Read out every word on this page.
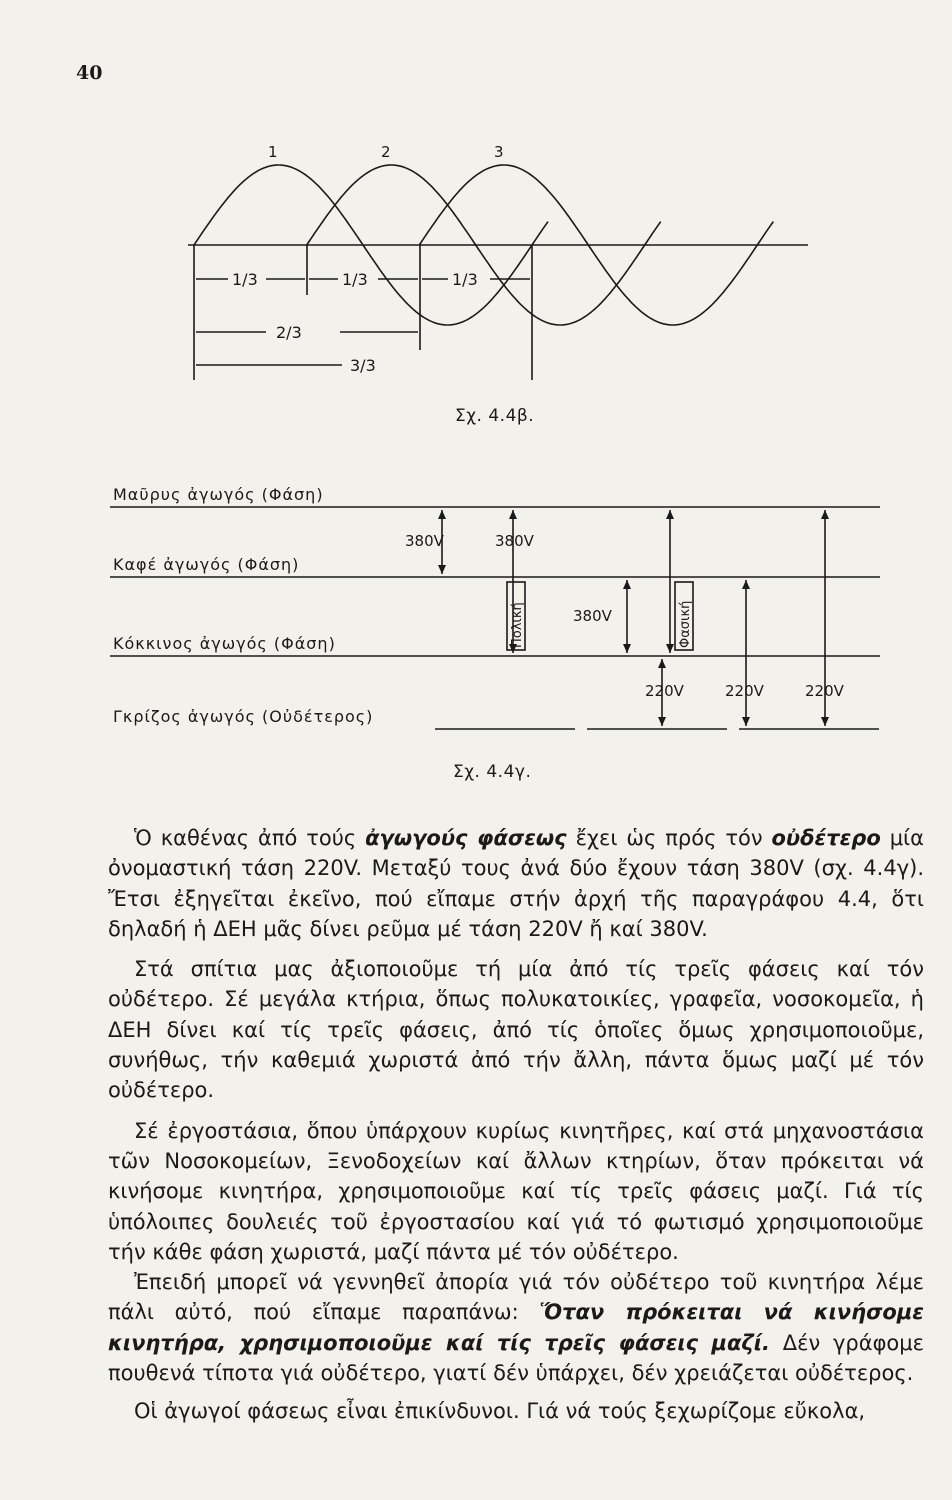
40
1	2	3
1/3	1/3	1/3
2/3
3/3
Σχ. 4.4β.
Μαῦρυς ἀγωγός (Φάση)
Καφέ ἀγωγός (Φάση)
Κόκκινος ἀγωγός (Φάση)
Γκρίζος ἀγωγός (Οὐδέτερος)
380V	380V
380V
Πολική	Φασική
220V	220V	220V
Σχ. 4.4γ.

Ὁ καθένας ἀπό τούς ἀγωγούς φάσεως ἔχει ὡς πρός τόν οὐδέτερο μία ὀνομαστική τάση 220V. Μεταξύ τους ἀνά δύο ἔχουν τάση 380V (σχ. 4.4γ). Ἔτσι ἐξηγεῖται ἐκεῖνο, πού εἴπαμε στήν ἀρχή τῆς παραγράφου 4.4, ὅτι δηλαδή ἡ ΔΕΗ μᾶς δίνει ρεῦμα μέ τάση 220V ἤ καί 380V.

Στά σπίτια μας ἀξιοποιοῦμε τή μία ἀπό τίς τρεῖς φάσεις καί τόν οὐδέτερο. Σέ μεγάλα κτήρια, ὅπως πολυκατοικίες, γραφεῖα, νοσοκομεῖα, ἡ ΔΕΗ δίνει καί τίς τρεῖς φάσεις, ἀπό τίς ὁποῖες ὅμως χρησιμοποιοῦμε, συνήθως, τήν καθεμιά χωριστά ἀπό τήν ἄλλη, πάντα ὅμως μαζί μέ τόν οὐδέτερο.

Σέ ἐργοστάσια, ὅπου ὑπάρχουν κυρίως κινητῆρες, καί στά μηχανοστάσια τῶν Νοσοκομείων, Ξενοδοχείων καί ἄλλων κτηρίων, ὅταν πρόκειται νά κινήσομε κινητήρα, χρησιμοποιοῦμε καί τίς τρεῖς φάσεις μαζί. Γιά τίς ὑπόλοιπες δουλειές τοῦ ἐργοστασίου καί γιά τό φωτισμό χρησιμοποιοῦμε τήν κάθε φάση χωριστά, μαζί πάντα μέ τόν οὐδέτερο.

Ἐπειδή μπορεῖ νά γεννηθεῖ ἀπορία γιά τόν οὐδέτερο τοῦ κινητήρα λέμε πάλι αὐτό, πού εἴπαμε παραπάνω: Ὅταν πρόκειται νά κινήσομε κινητήρα, χρησιμοποιοῦμε καί τίς τρεῖς φάσεις μαζί. Δέν γράφομε πουθενά τίποτα γιά οὐδέτερο, γιατί δέν ὑπάρχει, δέν χρειάζεται οὐδέτερος.

Οἱ ἀγωγοί φάσεως εἶναι ἐπικίνδυνοι. Γιά νά τούς ξεχωρίζομε εὔκολα,
